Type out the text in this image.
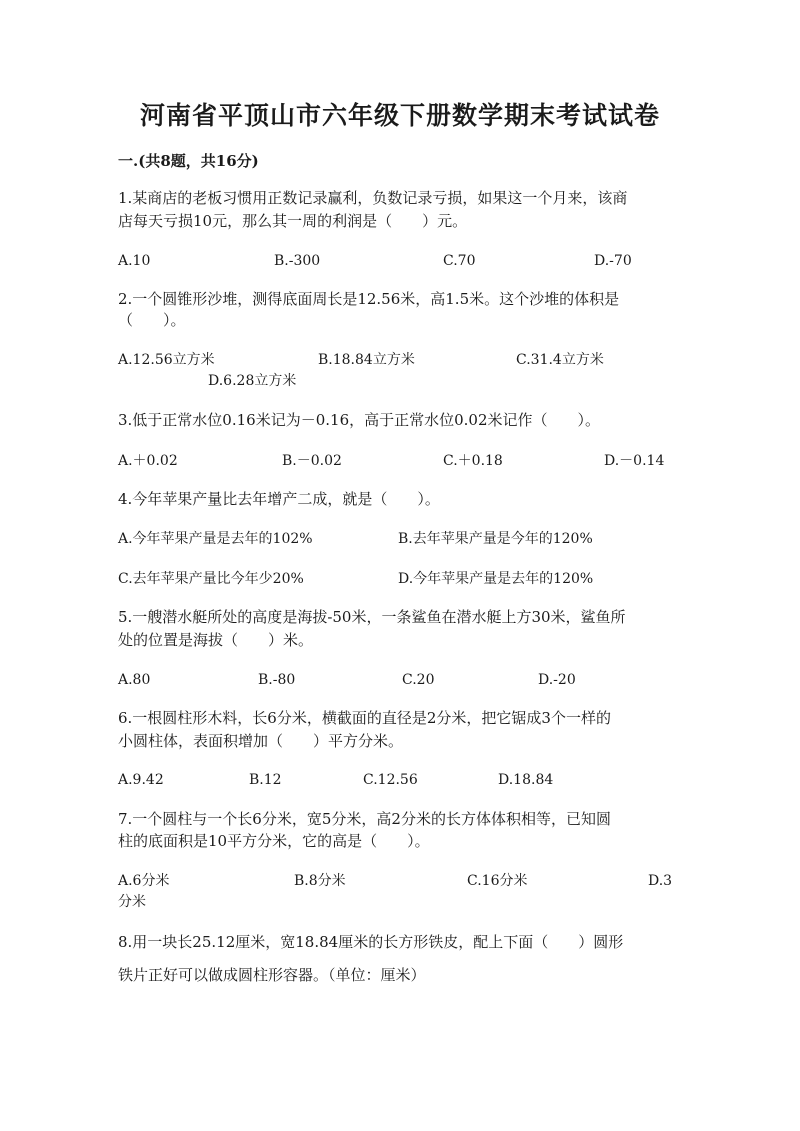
河南省平顶山市六年级下册数学期末考试试卷
一.(共8题，共16分)
1.某商店的老板习惯用正数记录赢利，负数记录亏损，如果这一个月来，该商
店每天亏损10元，那么其一周的利润是（　　）元。
A.10	B.-300	C.70	D.-70
2.一个圆锥形沙堆，测得底面周长是12.56米，高1.5米。这个沙堆的体积是
（　　）。
A.12.56立方米	B.18.84立方米	C.31.4立方米
D.6.28立方米
3.低于正常水位0.16米记为－0.16，高于正常水位0.02米记作（　　）。
A.＋0.02	B.－0.02	C.＋0.18	D.－0.14
4.今年苹果产量比去年增产二成，就是（　　）。
A.今年苹果产量是去年的102%	B.去年苹果产量是今年的120%
C.去年苹果产量比今年少20%	D.今年苹果产量是去年的120%
5.一艘潜水艇所处的高度是海拔-50米，一条鲨鱼在潜水艇上方30米，鲨鱼所
处的位置是海拔（　　）米。
A.80	B.-80	C.20	D.-20
6.一根圆柱形木料，长6分米，横截面的直径是2分米，把它锯成3个一样的
小圆柱体，表面积增加（　　）平方分米。
A.9.42	B.12	C.12.56	D.18.84
7.一个圆柱与一个长6分米，宽5分米，高2分米的长方体体积相等，已知圆
柱的底面积是10平方分米，它的高是（　　）。
A.6分米	B.8分米	C.16分米	D.3
分米
8.用一块长25.12厘米，宽18.84厘米的长方形铁皮，配上下面（　　）圆形
铁片正好可以做成圆柱形容器。（单位：厘米）
